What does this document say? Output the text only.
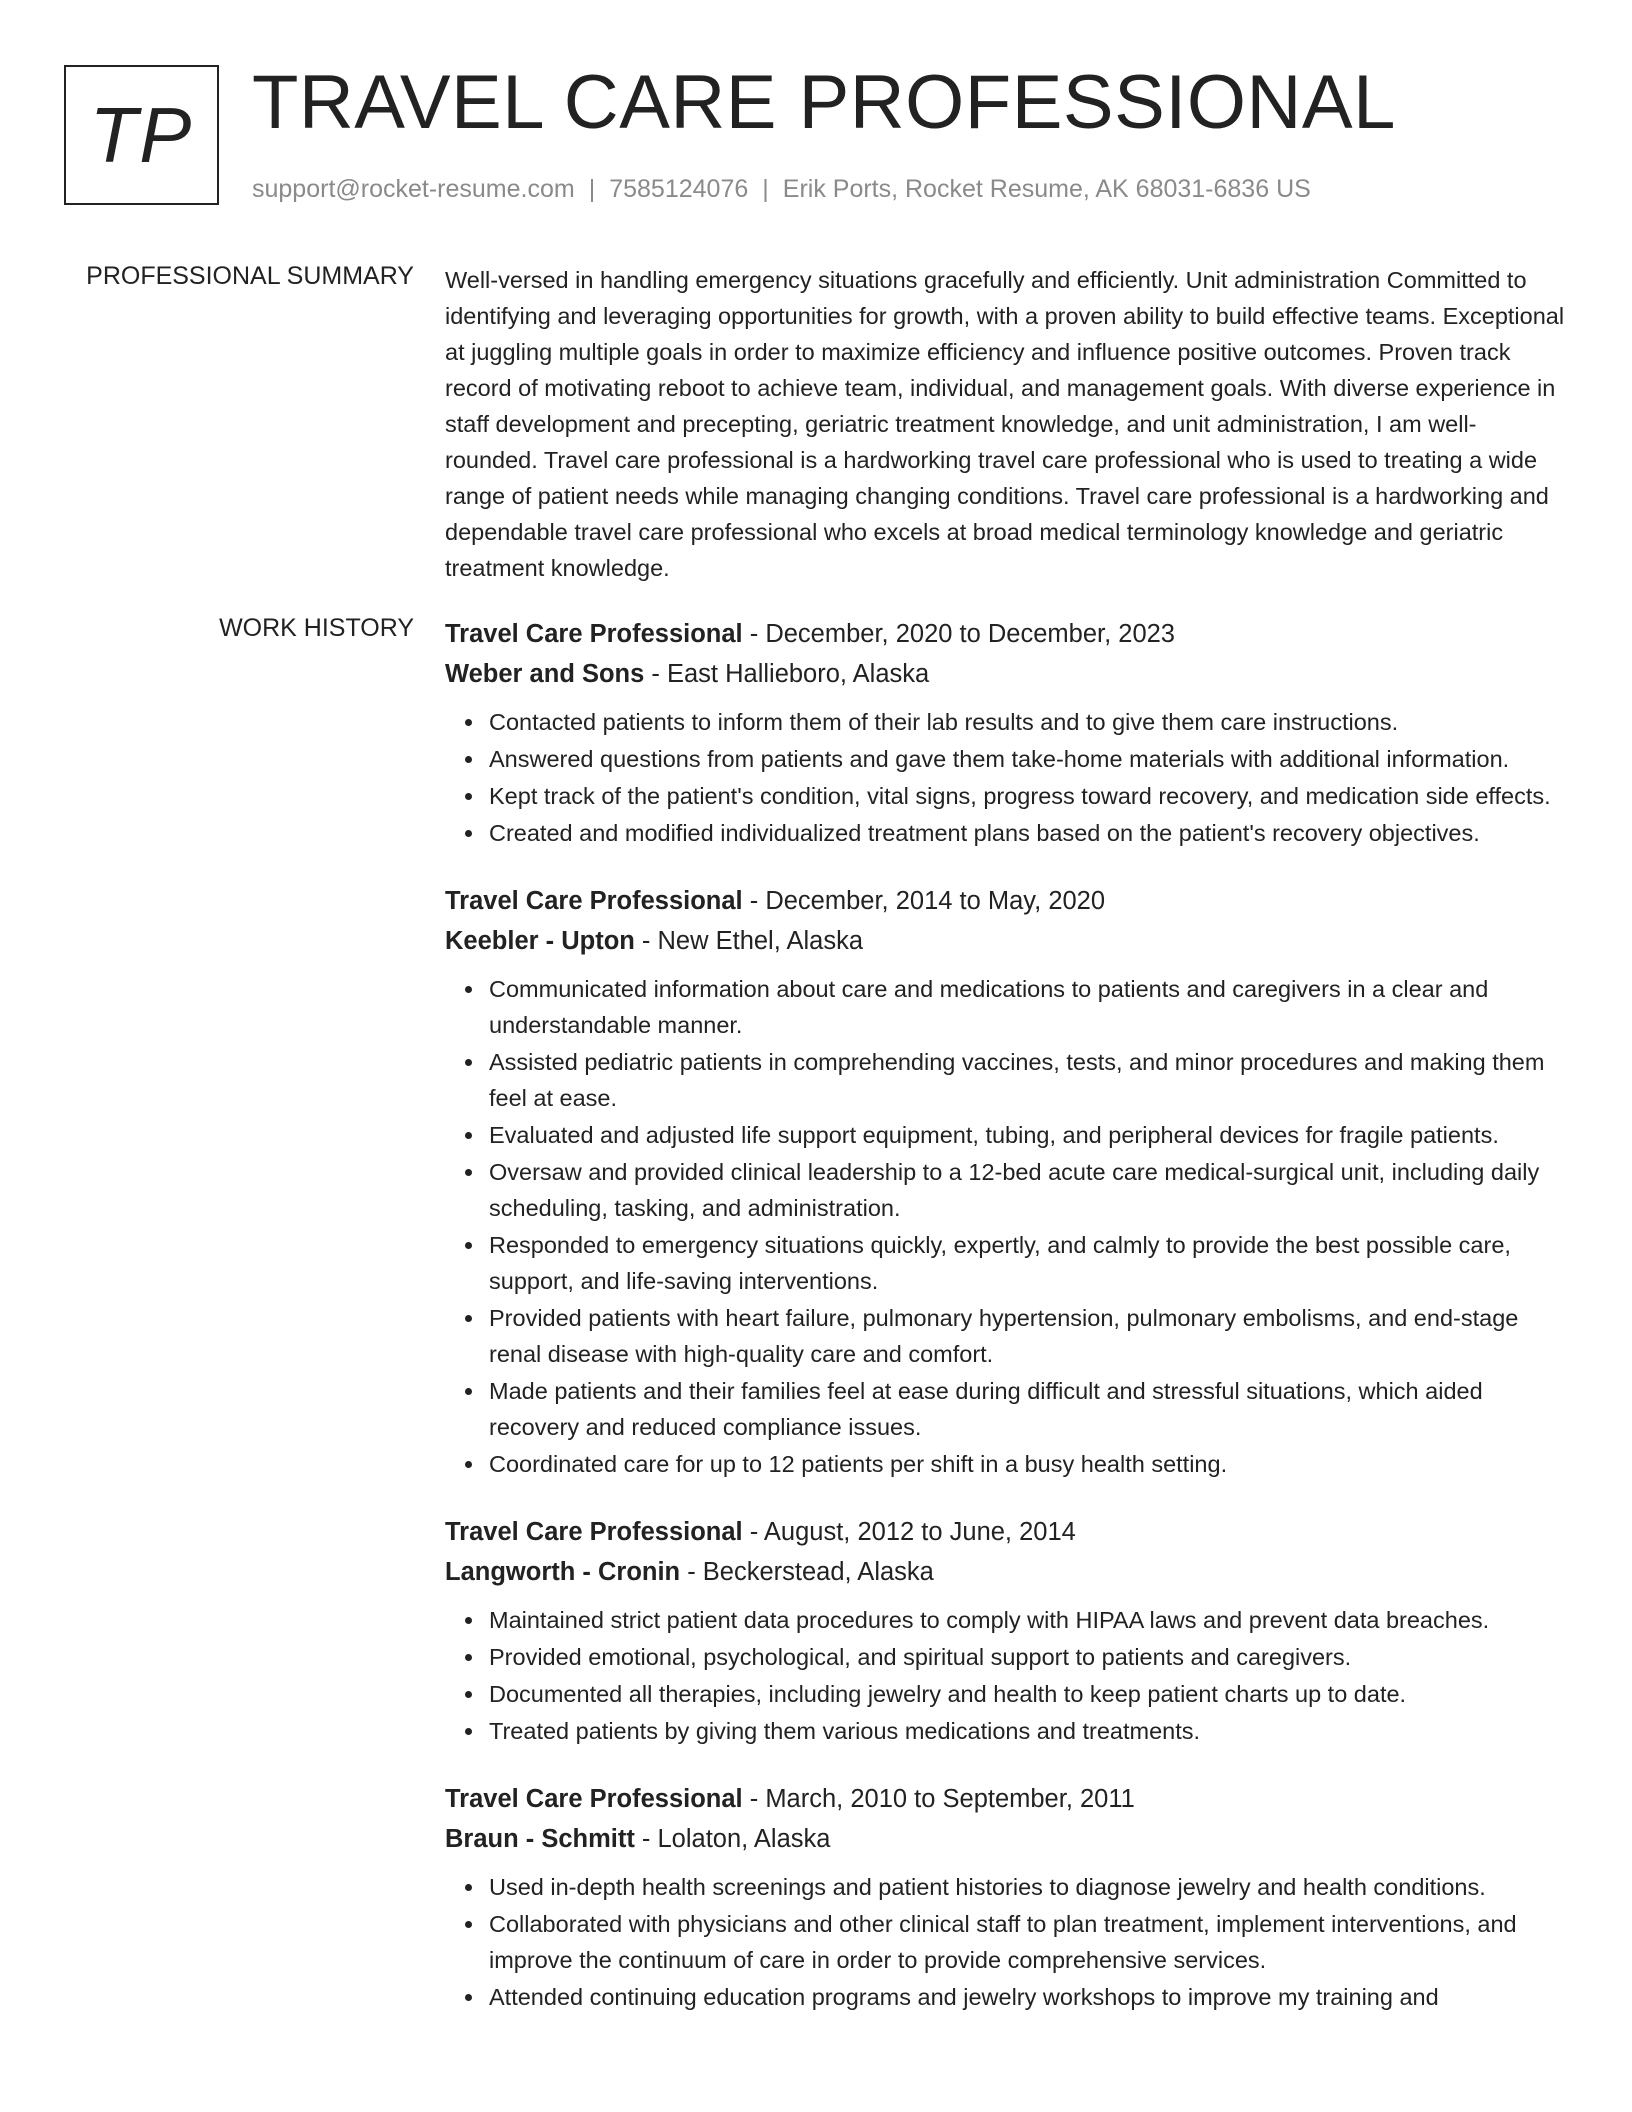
TP TRAVEL CARE PROFESSIONAL
support@rocket-resume.com | 7585124076 | Erik Ports, Rocket Resume, AK 68031-6836 US
PROFESSIONAL SUMMARY Well-versed in handling emergency situations gracefully and efficiently. Unit administration Committed to identifying and leveraging opportunities for growth, with a proven ability to build effective teams. Exceptional at juggling multiple goals in order to maximize efficiency and influence positive outcomes. Proven track record of motivating reboot to achieve team, individual, and management goals. With diverse experience in staff development and precepting, geriatric treatment knowledge, and unit administration, I am well-rounded. Travel care professional is a hardworking travel care professional who is used to treating a wide range of patient needs while managing changing conditions. Travel care professional is a hardworking and dependable travel care professional who excels at broad medical terminology knowledge and geriatric treatment knowledge.

WORK HISTORY Travel Care Professional - December, 2020 to December, 2023
Weber and Sons - East Hallieboro, Alaska
Contacted patients to inform them of their lab results and to give them care instructions.
Answered questions from patients and gave them take-home materials with additional information.
Kept track of the patient's condition, vital signs, progress toward recovery, and medication side effects.
Created and modified individualized treatment plans based on the patient's recovery objectives.
Travel Care Professional - December, 2014 to May, 2020
Keebler - Upton - New Ethel, Alaska
Communicated information about care and medications to patients and caregivers in a clear and understandable manner.
Assisted pediatric patients in comprehending vaccines, tests, and minor procedures and making them feel at ease.
Evaluated and adjusted life support equipment, tubing, and peripheral devices for fragile patients.
Oversaw and provided clinical leadership to a 12-bed acute care medical-surgical unit, including daily scheduling, tasking, and administration.
Responded to emergency situations quickly, expertly, and calmly to provide the best possible care, support, and life-saving interventions.
Provided patients with heart failure, pulmonary hypertension, pulmonary embolisms, and end-stage renal disease with high-quality care and comfort.
Made patients and their families feel at ease during difficult and stressful situations, which aided recovery and reduced compliance issues.
Coordinated care for up to 12 patients per shift in a busy health setting.
Travel Care Professional - August, 2012 to June, 2014
Langworth - Cronin - Beckerstead, Alaska
Maintained strict patient data procedures to comply with HIPAA laws and prevent data breaches.
Provided emotional, psychological, and spiritual support to patients and caregivers.
Documented all therapies, including jewelry and health to keep patient charts up to date.
Treated patients by giving them various medications and treatments.
Travel Care Professional - March, 2010 to September, 2011
Braun - Schmitt - Lolaton, Alaska
Used in-depth health screenings and patient histories to diagnose jewelry and health conditions.
Collaborated with physicians and other clinical staff to plan treatment, implement interventions, and improve the continuum of care in order to provide comprehensive services.
Attended continuing education programs and jewelry workshops to improve my training and
